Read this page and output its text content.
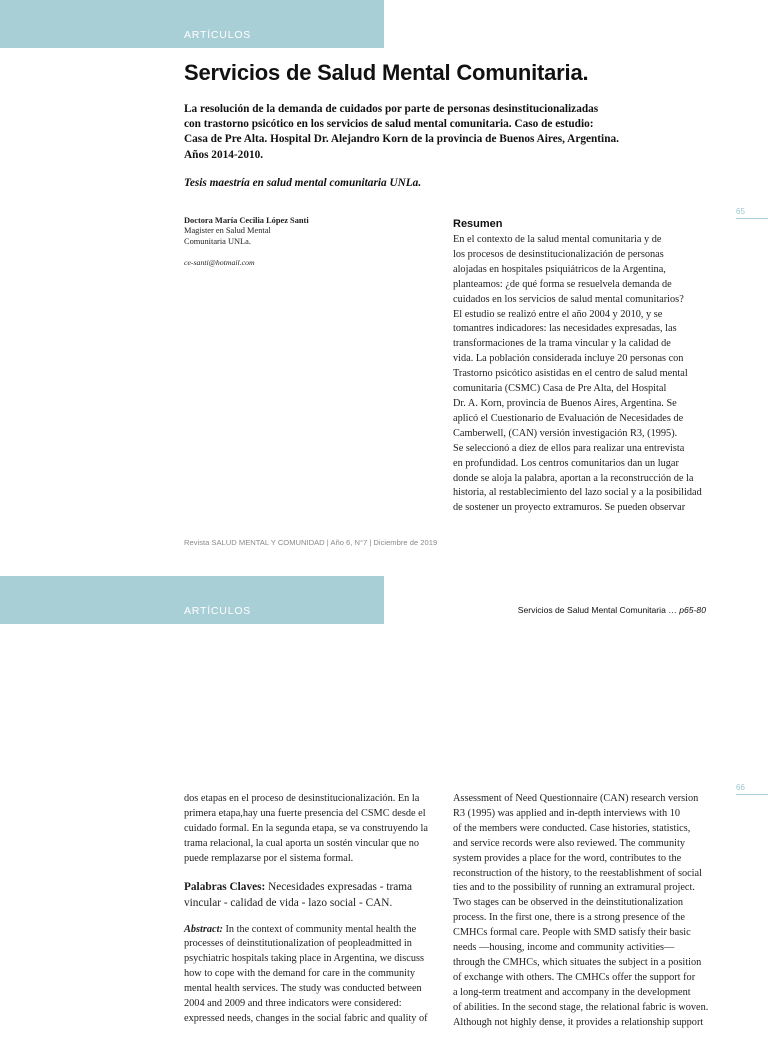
ARTÍCULOS
Servicios de Salud Mental Comunitaria.
La resolución de la demanda de cuidados por parte de personas desinstitucionalizadas
con trastorno psicótico en los servicios de salud mental comunitaria. Caso de estudio:
Casa de Pre Alta. Hospital Dr. Alejandro Korn de la provincia de Buenos Aires, Argentina.
Años 2014-2010.
Tesis maestría en salud mental comunitaria UNLa.
Doctora María Cecilia López Santi
Magister en Salud Mental
Comunitaria UNLa.
ce-santi@hotmail.com
65
Resumen
En el contexto de la salud mental comunitaria y de
los procesos de desinstitucionalización de personas
alojadas en hospitales psiquiátricos de la Argentina,
planteamos: ¿de qué forma se resuelvela demanda de
cuidados en los servicios de salud mental comunitarios?
El estudio se realizó entre el año 2004 y 2010, y se
tomantres indicadores: las necesidades expresadas, las
transformaciones de la trama vincular y la calidad de
vida. La población considerada incluye 20 personas con
Trastorno psicótico asistidas en el centro de salud mental
comunitaria (CSMC) Casa de Pre Alta, del Hospital
Dr. A. Korn, provincia de Buenos Aires, Argentina. Se
aplicó el Cuestionario de Evaluación de Necesidades de
Camberwell, (CAN) versión investigación R3, (1995).
Se seleccionó a diez de ellos para realizar una entrevista
en profundidad. Los centros comunitarios dan un lugar
donde se aloja la palabra, aportan a la reconstrucción de la
historia, al restablecimiento del lazo social y a la posibilidad
de sostener un proyecto extramuros. Se pueden observar
Revista SALUD MENTAL Y COMUNIDAD | Año 6, N°7 | Diciembre de 2019
ARTÍCULOS	Servicios de Salud Mental Comunitaria … p65-80
66
dos etapas en el proceso de desinstitucionalización. En la
primera etapa,hay una fuerte presencia del CSMC desde el
cuidado formal. En la segunda etapa, se va construyendo la
trama relacional, la cual aporta un sostén vincular que no
puede remplazarse por el sistema formal.
Palabras Claves: Necesidades expresadas - trama
vincular - calidad de vida - lazo social - CAN.
Abstract: In the context of community mental health the
processes of deinstitutionalization of peopleadmitted in
psychiatric hospitals taking place in Argentina, we discuss
how to cope with the demand for care in the community
mental health services. The study was conducted between
2004 and 2009 and three indicators were considered:
expressed needs, changes in the social fabric and quality of
Assessment of Need Questionnaire (CAN) research version
R3 (1995) was applied and in-depth interviews with 10
of the members were conducted. Case histories, statistics,
and service records were also reviewed. The community
system provides a place for the word, contributes to the
reconstruction of the history, to the reestablishment of social
ties and to the possibility of running an extramural project.
Two stages can be observed in the deinstitutionalization
process. In the first one, there is a strong presence of the
CMHCs formal care. People with SMD satisfy their basic
needs —housing, income and community activities—
through the CMHCs, which situates the subject in a position
of exchange with others. The CMHCs offer the support for
a long-term treatment and accompany in the development
of abilities. In the second stage, the relational fabric is woven.
Although not highly dense, it provides a relationship support
